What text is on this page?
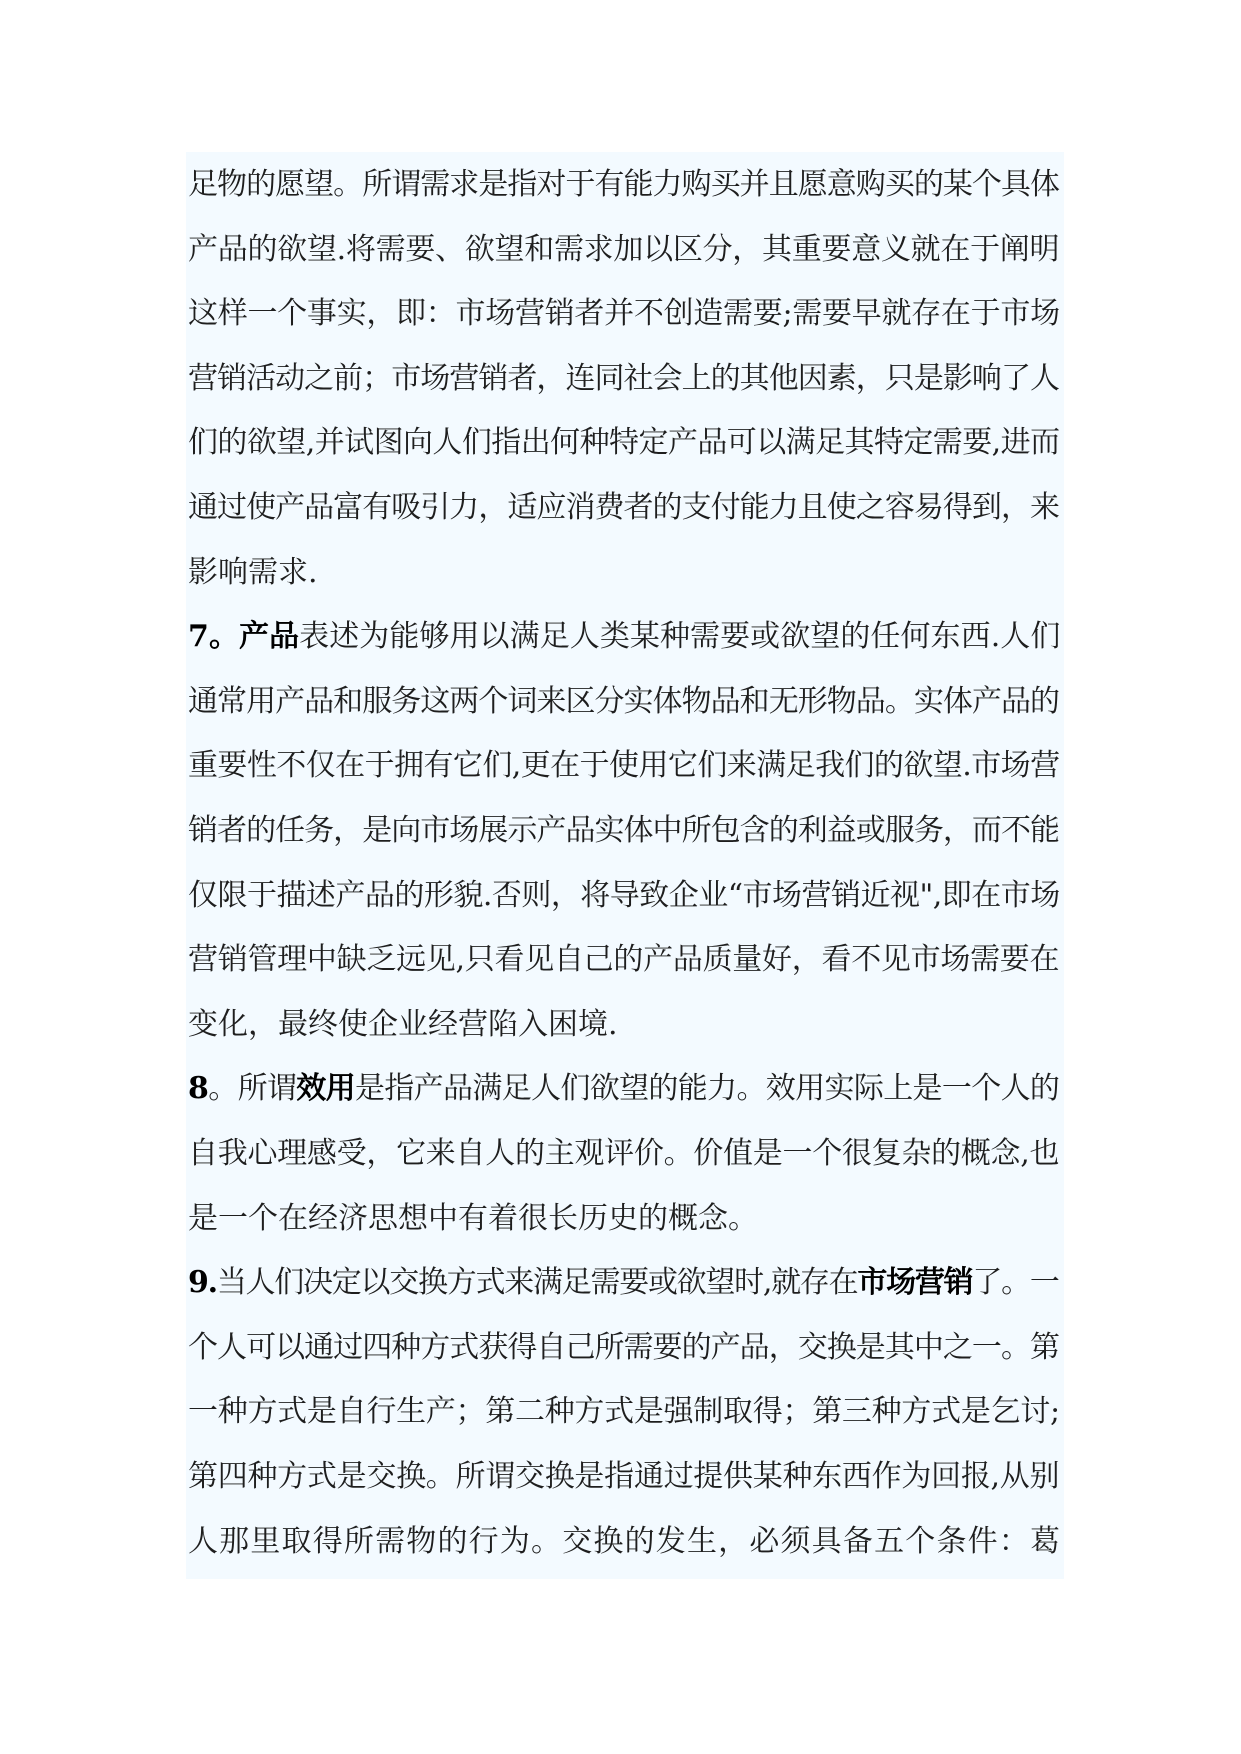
足物的愿望。所谓需求是指对于有能力购买并且愿意购买的某个具体
产品的欲望.将需要、欲望和需求加以区分，其重要意义就在于阐明
这样一个事实，即：市场营销者并不创造需要;需要早就存在于市场
营销活动之前；市场营销者，连同社会上的其他因素，只是影响了人
们的欲望,并试图向人们指出何种特定产品可以满足其特定需要,进而
通过使产品富有吸引力，适应消费者的支付能力且使之容易得到，来
影响需求.
7。产品表述为能够用以满足人类某种需要或欲望的任何东西.人们
通常用产品和服务这两个词来区分实体物品和无形物品。实体产品的
重要性不仅在于拥有它们,更在于使用它们来满足我们的欲望.市场营
销者的任务，是向市场展示产品实体中所包含的利益或服务，而不能
仅限于描述产品的形貌.否则，将导致企业“市场营销近视",即在市场
营销管理中缺乏远见,只看见自己的产品质量好，看不见市场需要在
变化，最终使企业经营陷入困境.
8。所谓效用是指产品满足人们欲望的能力。效用实际上是一个人的
自我心理感受，它来自人的主观评价。价值是一个很复杂的概念,也
是一个在经济思想中有着很长历史的概念。
9.当人们决定以交换方式来满足需要或欲望时,就存在市场营销了。一
个人可以通过四种方式获得自己所需要的产品，交换是其中之一。第
一种方式是自行生产；第二种方式是强制取得；第三种方式是乞讨;
第四种方式是交换。所谓交换是指通过提供某种东西作为回报,从别
人那里取得所需物的行为。交换的发生，必须具备五个条件：葛
